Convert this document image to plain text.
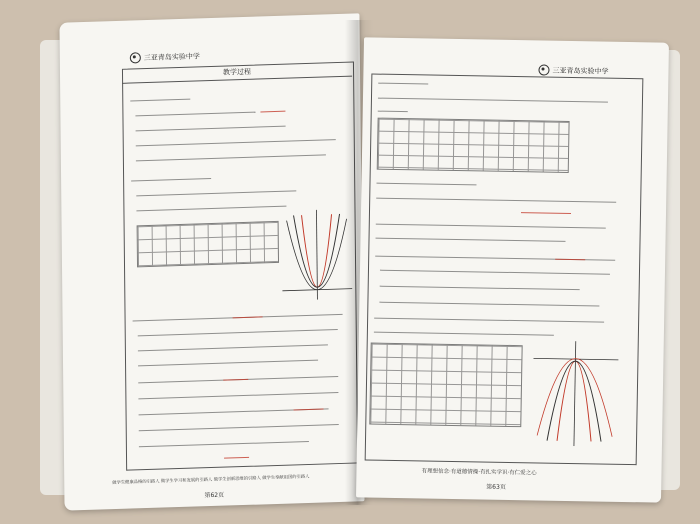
三亚青岛实验中学
教学过程
做学生健康品格的引路人 做学生学习和发展的引路人 做学生创新思维的引路人 做学生奉献祖国的引路人
第62页
三亚青岛实验中学
有理想信念·有道德情操·有扎实学识·有仁爱之心
第63页
